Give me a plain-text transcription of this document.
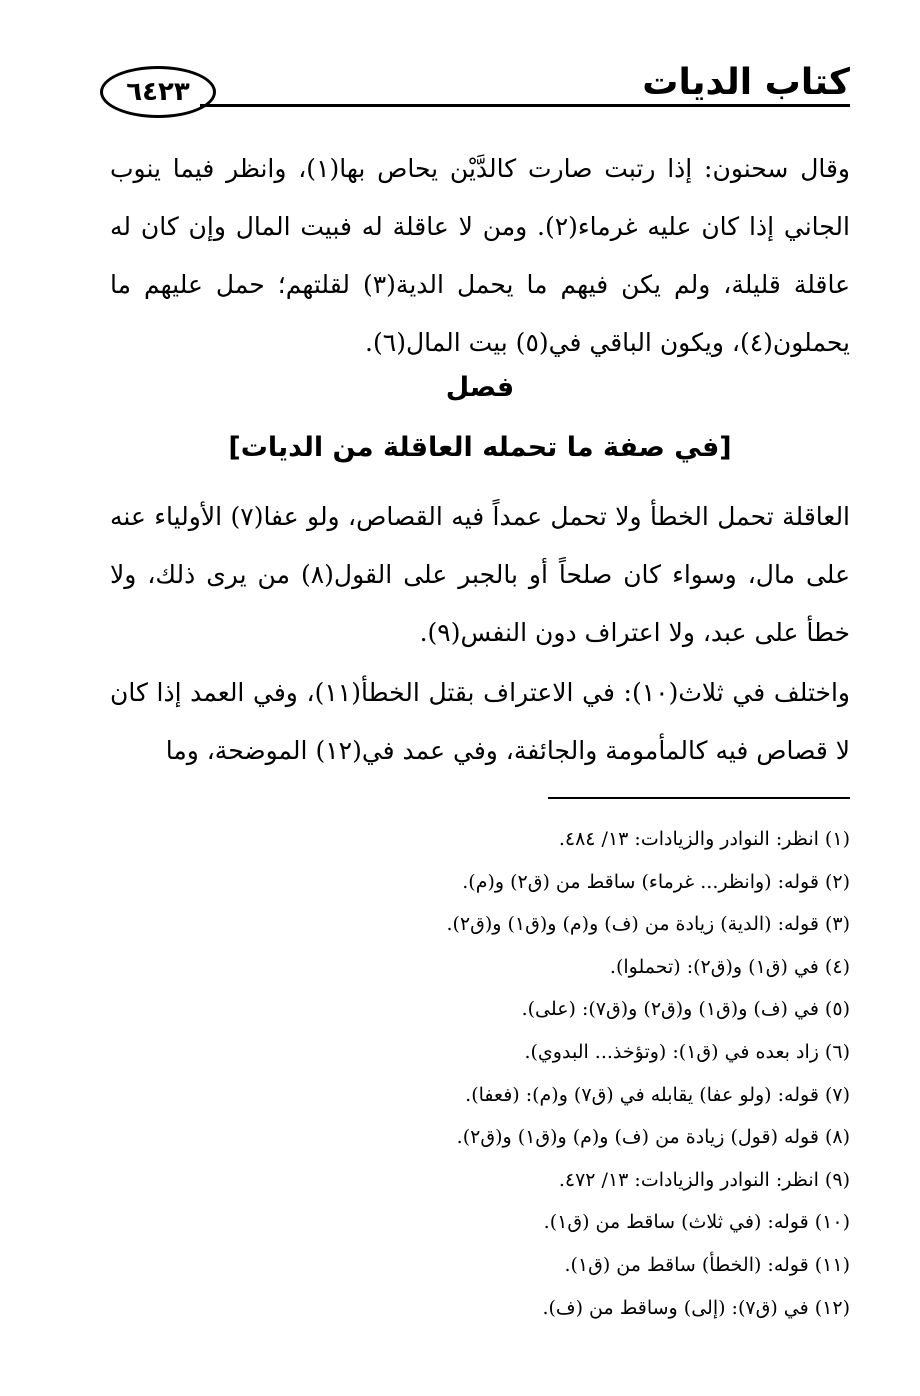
٦٤٢٣	كتاب الديات
وقال سحنون: إذا رتبت صارت كالدَّيْن يحاص بها(١)، وانظر فيما ينوب الجاني إذا كان عليه غرماء(٢). ومن لا عاقلة له فبيت المال وإن كان له عاقلة قليلة، ولم يكن فيهم ما يحمل الدية(٣) لقلتهم؛ حمل عليهم ما يحملون(٤)، ويكون الباقي في(٥) بيت المال(٦).
فصل
[في صفة ما تحمله العاقلة من الديات]
العاقلة تحمل الخطأ ولا تحمل عمداً فيه القصاص، ولو عفا(٧) الأولياء عنه على مال، وسواء كان صلحاً أو بالجبر على القول(٨) من يرى ذلك، ولا خطأ على عبد، ولا اعتراف دون النفس(٩).
واختلف في ثلاث(١٠): في الاعتراف بقتل الخطأ(١١)، وفي العمد إذا كان لا قصاص فيه كالمأمومة والجائفة، وفي عمد في(١٢) الموضحة، وما
(١) انظر: النوادر والزيادات: ١٣/ ٤٨٤.
(٢) قوله: (وانظر... غرماء) ساقط من (ق٢) و(م).
(٣) قوله: (الدية) زيادة من (ف) و(م) و(ق١) و(ق٢).
(٤) في (ق١) و(ق٢): (تحملوا).
(٥) في (ف) و(ق١) و(ق٢) و(ق٧): (على).
(٦) زاد بعده في (ق١): (وتؤخذ... البدوي).
(٧) قوله: (ولو عفا) يقابله في (ق٧) و(م): (فعفا).
(٨) قوله (قول) زيادة من (ف) و(م) و(ق١) و(ق٢).
(٩) انظر: النوادر والزيادات: ١٣/ ٤٧٢.
(١٠) قوله: (في ثلاث) ساقط من (ق١).
(١١) قوله: (الخطأ) ساقط من (ق١).
(١٢) في (ق٧): (إلى) وساقط من (ف).
